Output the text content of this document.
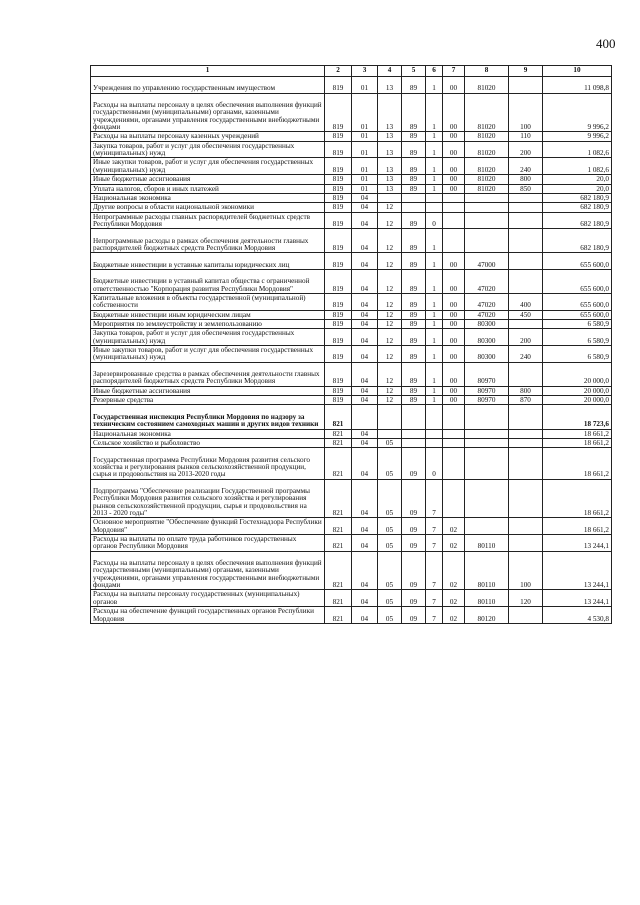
400
1	2	3	4	5	6	7	8	9	10
Учреждения по управлению государственным имуществом	819	01	13	89	1	00	81020		11 098,8
Расходы на выплаты персоналу в целях обеспечения выполнения функций государственными (муниципальными) органами, казенными учреждениями, органами управления государственными внебюджетными фондами	819	01	13	89	1	00	81020	100	9 996,2
Расходы на выплаты персоналу казенных учреждений	819	01	13	89	1	00	81020	110	9 996,2
Закупка товаров, работ и услуг для обеспечения государственных (муниципальных) нужд	819	01	13	89	1	00	81020	200	1 082,6
Иные закупки товаров, работ и услуг для обеспечения государственных (муниципальных) нужд	819	01	13	89	1	00	81020	240	1 082,6
Иные бюджетные ассигнования	819	01	13	89	1	00	81020	800	20,0
Уплата налогов, сборов и иных платежей	819	01	13	89	1	00	81020	850	20,0
Национальная экономика	819	04							682 180,9
Другие вопросы в области национальной экономики	819	04	12						682 180,9
Непрограммные расходы главных распорядителей бюджетных средств Республики Мордовия	819	04	12	89	0				682 180,9
Непрограммные расходы в рамках обеспечения деятельности главных распорядителей бюджетных средств Республики Мордовия	819	04	12	89	1				682 180,9
Бюджетные инвестиции в уставные капиталы юридических лиц	819	04	12	89	1	00	47000		655 600,0
Бюджетные инвестиции в уставный капитал общества с ограниченной ответственностью "Корпорация развития Республики Мордовия"	819	04	12	89	1	00	47020		655 600,0
Капитальные вложения в объекты государственной (муниципальной) собственности	819	04	12	89	1	00	47020	400	655 600,0
Бюджетные инвестиции иным юридическим лицам	819	04	12	89	1	00	47020	450	655 600,0
Мероприятия по землеустройству и землепользованию	819	04	12	89	1	00	80300		6 580,9
Закупка товаров, работ и услуг для обеспечения государственных (муниципальных) нужд	819	04	12	89	1	00	80300	200	6 580,9
Иные закупки товаров, работ и услуг для обеспечения государственных (муниципальных) нужд	819	04	12	89	1	00	80300	240	6 580,9
Зарезервированные средства в рамках обеспечения деятельности главных распорядителей бюджетных средств Республики Мордовия	819	04	12	89	1	00	80970		20 000,0
Иные бюджетные ассигнования	819	04	12	89	1	00	80970	800	20 000,0
Резервные средства	819	04	12	89	1	00	80970	870	20 000,0
Государственная инспекция Республики Мордовия по надзору за техническим состоянием самоходных машин и других видов техники	821								18 723,6
Национальная экономика	821	04							18 661,2
Сельское хозяйство и рыболовство	821	04	05						18 661,2
Государственная программа Республики Мордовия развития сельского хозяйства и регулирования рынков сельскохозяйственной продукции, сырья и продовольствия на 2013-2020 годы	821	04	05	09	0				18 661,2
Подпрограмма "Обеспечение реализации Государственной программы Республики Мордовия развития сельского хозяйства и регулирования рынков сельскохозяйственной продукции, сырья и продовольствия на 2013 - 2020 годы"	821	04	05	09	7				18 661,2
Основное мероприятие "Обеспечение функций Гостехнадзора Республики Мордовия"	821	04	05	09	7	02			18 661,2
Расходы на выплаты по оплате труда работников государственных органов Республики Мордовия	821	04	05	09	7	02	80110		13 244,1
Расходы на выплаты персоналу в целях обеспечения выполнения функций государственными (муниципальными) органами, казенными учреждениями, органами управления государственными внебюджетными фондами	821	04	05	09	7	02	80110	100	13 244,1
Расходы на выплаты персоналу государственных (муниципальных) органов	821	04	05	09	7	02	80110	120	13 244,1
Расходы на обеспечение функций государственных органов Республики Мордовия	821	04	05	09	7	02	80120		4 530,8
